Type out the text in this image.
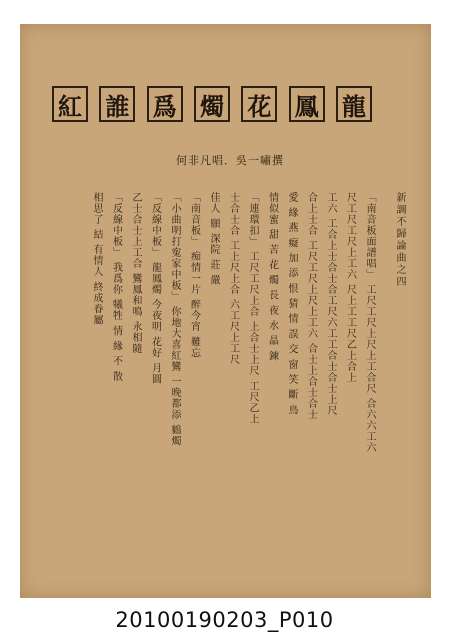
龍
鳳
花
燭
爲
誰
紅
何非凡唱．吳一嘯撰
新調不歸論曲之四
「南音板面譜唱」 工尺工尺上尺上工合尺 合六六工六
尺工尺工尺上工六 尺上工工尺乙上合上
工六 工合上士合士合工尺六工工合士合士上尺
合上士合 工尺工尺上尺上工六 合士上合士合士
愛 緣 燕 癡 加 添 恨 猜 情 誤 交 窗 笑 斷 鳥
情似蜜 甜 苦 花 燭 長 夜 水 晶 鍊
「連環扣」 工尺工尺上合 上合士上尺 工尺乙上
士合士合 工上尺上合 六工尺上工尺
佳人 願 深院 莊 嚴
「南音板」 痴情一片 醉今宵 難忘
「小曲明打寃家中板」 你地大喜紅鸞 一晚都添 鶴燭
「反線中板」 龍鳳燭 今夜明 花好 月圓
乙士合士上工合 鸞鳳和鳴 永相隨
「反線中板」 我爲你 犧牲 情 緣 不 散
相思了 結 有情人 終成眷屬
20100190203_P010
